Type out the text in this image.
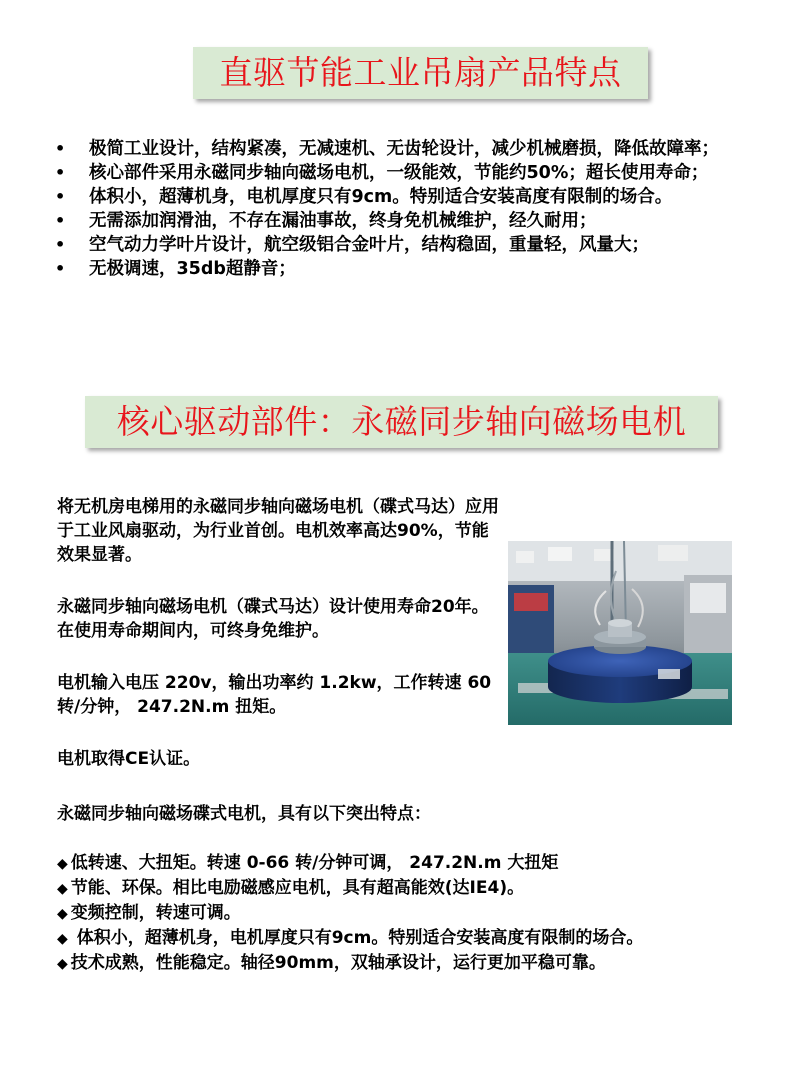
直驱节能工业吊扇产品特点
• 极简工业设计，结构紧凑，无减速机、无齿轮设计，减少机械磨损，降低故障率；
• 核心部件采用永磁同步轴向磁场电机，一级能效，节能约50%；超长使用寿命；
• 体积小，超薄机身，电机厚度只有9cm。特别适合安装高度有限制的场合。
• 无需添加润滑油，不存在漏油事故，终身免机械维护，经久耐用；
• 空气动力学叶片设计，航空级铝合金叶片，结构稳固，重量轻，风量大；
• 无极调速，35db超静音；
核心驱动部件：永磁同步轴向磁场电机

将无机房电梯用的永磁同步轴向磁场电机（碟式马达）应用于工业风扇驱动，为行业首创。电机效率高达90%，节能效果显著。

永磁同步轴向磁场电机（碟式马达）设计使用寿命20年。在使用寿命期间内，可终身免维护。

电机输入电压 220v，输出功率约 1.2kw，工作转速 60 转/分钟， 247.2N.m 扭矩。

电机取得CE认证。

永磁同步轴向磁场碟式电机，具有以下突出特点：

◆ 低转速、大扭矩。转速 0-66 转/分钟可调， 247.2N.m 大扭矩
◆ 节能、环保。相比电励磁感应电机，具有超高能效(达IE4)。
◆ 变频控制，转速可调。
◆ 体积小，超薄机身，电机厚度只有9cm。特别适合安装高度有限制的场合。
◆ 技术成熟，性能稳定。轴径90mm，双轴承设计，运行更加平稳可靠。
